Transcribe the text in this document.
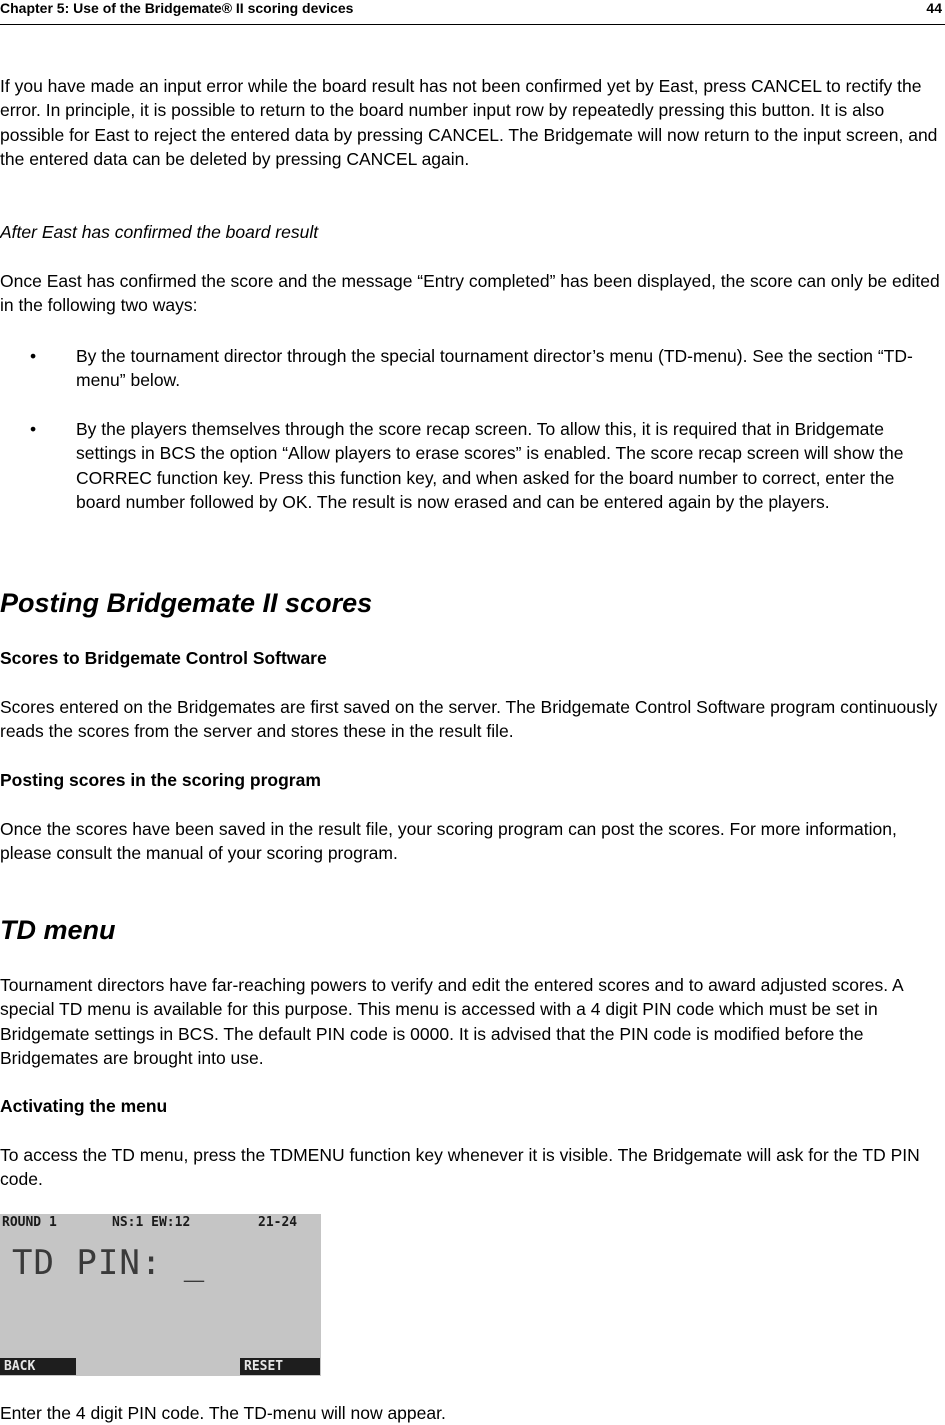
Chapter 5: Use of the Bridgemate® II scoring devices	44

If you have made an input error while the board result has not been confirmed yet by East, press CANCEL to rectify the error. In principle, it is possible to return to the board number input row by repeatedly pressing this button. It is also possible for East to reject the entered data by pressing CANCEL. The Bridgemate will now return to the input screen, and the entered data can be deleted by pressing CANCEL again.

After East has confirmed the board result

Once East has confirmed the score and the message “Entry completed” has been displayed, the score can only be edited in the following two ways:

• By the tournament director through the special tournament director’s menu (TD-menu). See the section “TD-menu” below.
• By the players themselves through the score recap screen. To allow this, it is required that in Bridgemate settings in BCS the option “Allow players to erase scores” is enabled. The score recap screen will show the CORREC function key. Press this function key, and when asked for the board number to correct, enter the board number followed by OK. The result is now erased and can be entered again by the players.
Posting Bridgemate II scores

Scores to Bridgemate Control Software

Scores entered on the Bridgemates are first saved on the server. The Bridgemate Control Software program continuously reads the scores from the server and stores these in the result file.

Posting scores in the scoring program

Once the scores have been saved in the result file, your scoring program can post the scores. For more information, please consult the manual of your scoring program.

TD menu

Tournament directors have far-reaching powers to verify and edit the entered scores and to award adjusted scores. A special TD menu is available for this purpose. This menu is accessed with a 4 digit PIN code which must be set in Bridgemate settings in BCS. The default PIN code is 0000. It is advised that the PIN code is modified before the Bridgemates are brought into use.

Activating the menu

To access the TD menu, press the TDMENU function key whenever it is visible. The Bridgemate will ask for the TD PIN code.

ROUND 1

	NS:1 EW:12

	21-24

TD PIN: _
BACK	RESET

Enter the 4 digit PIN code. The TD-menu will now appear.
